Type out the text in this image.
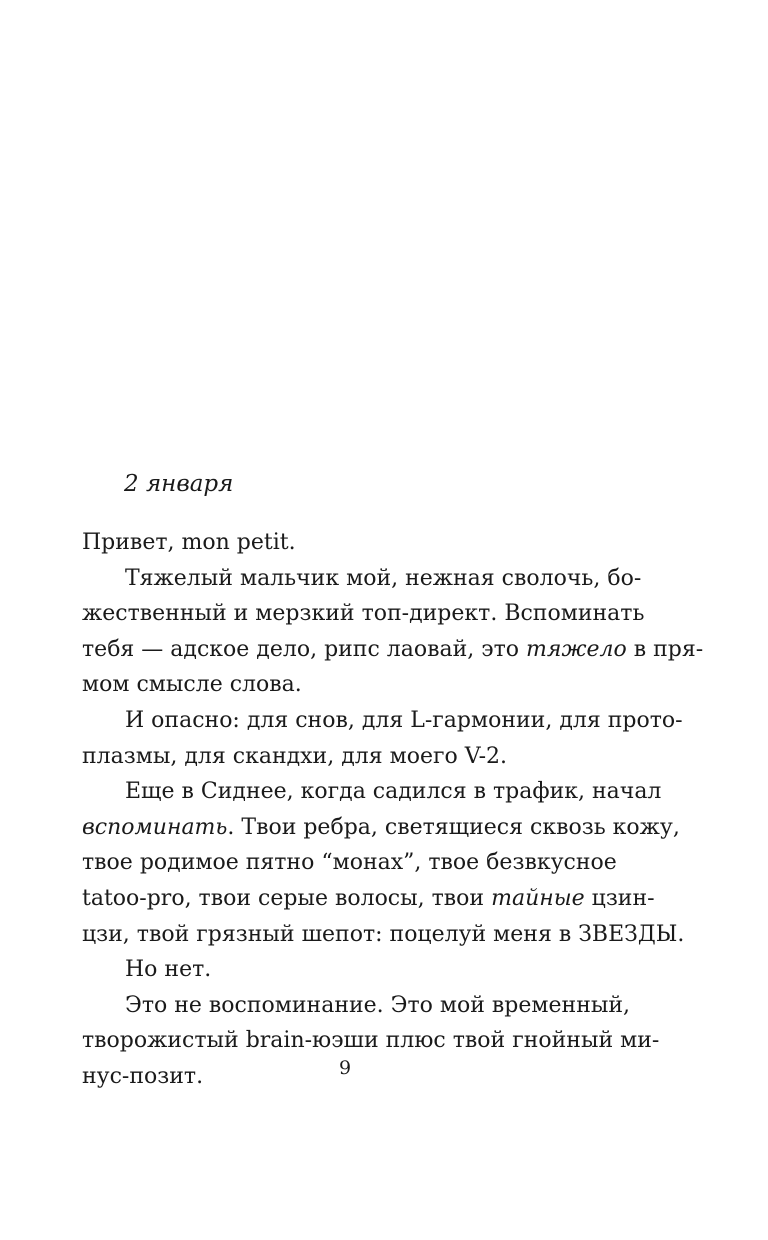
2 января
Привет, mon petit.
Тяжелый мальчик мой, нежная сволочь, бо-
жественный и мерзкий топ-директ. Вспоминать
тебя — адское дело, рипс лаовай, это тяжело в пря-
мом смысле слова.
И опасно: для снов, для L-гармонии, для прото-
плазмы, для скандхи, для моего V-2.
Еще в Сиднее, когда садился в трафик, начал
вспоминать. Твои ребра, светящиеся сквозь кожу,
твое родимое пятно “монах”, твое безвкусное
tatoo-pro, твои серые волосы, твои тайные цзин-
цзи, твой грязный шепот: поцелуй меня в ЗВЕЗДЫ.
Но нет.
Это не воспоминание. Это мой временный,
творожистый brain-юэши плюс твой гнойный ми-
нус-позит.	9
